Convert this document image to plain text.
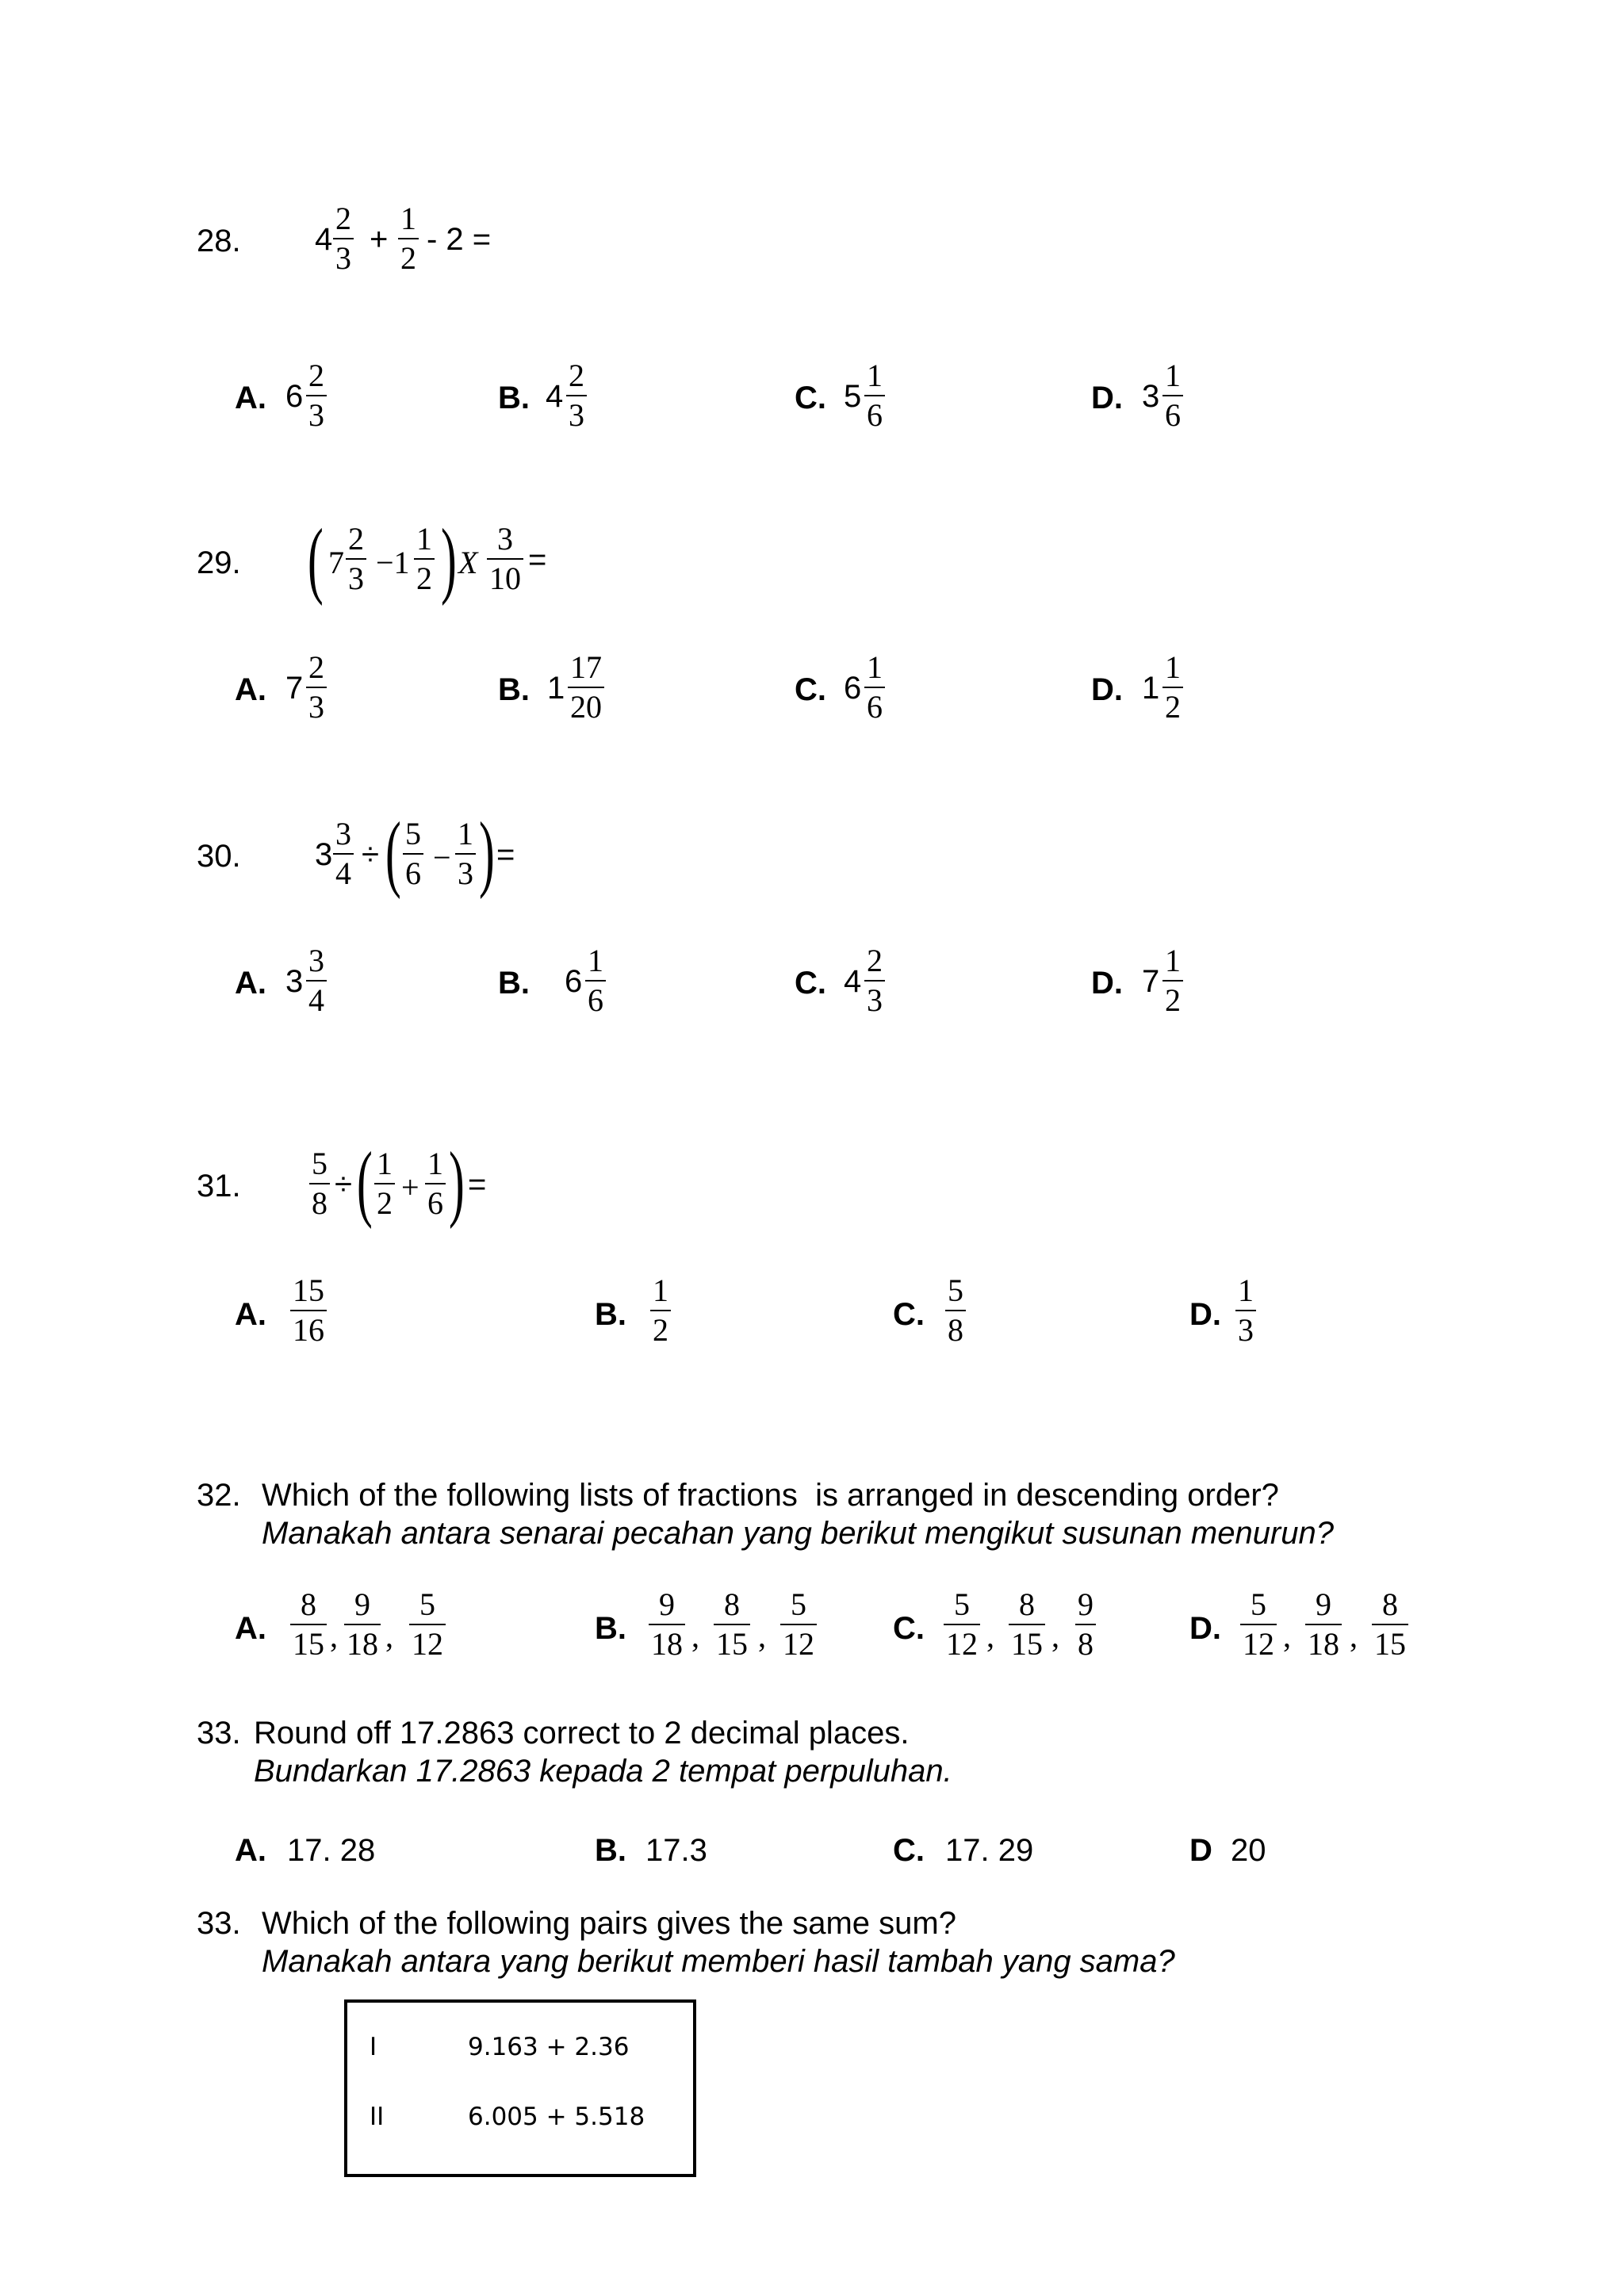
28. 4
2
3
+
1
2
- 2 =
A. 6
2
3	B. 4
2
3	C. 5
1
6	D. 3
1
6
29. ( 7
2
3 −1
1
2 ) X
3
10
=
A. 7
2
3	B. 1
17
20	C. 6
1
6	D. 1
1
2
30. 3
3
4
÷ ( 5
6 −
1
3 ) =
A. 3
3
4	B. 6
1
6	C. 4
2
3	D. 7
1
2
31.
5
8
÷ ( 1
2 +
1
6 ) =
A.
15
16	B.
1
2	C.
5
8	D.
1
3
32. Which of the following lists of fractions  is arranged in descending order?
Manakah antara senarai pecahan yang berikut mengikut susunan menurun?
A.
8
15 ,
9
18 ,
5
12	B.
9
18 ,
8
15 ,
5
12 C.
5
12 ,
8
15 ,
9
8	D.
5
12 ,
9
18 ,
8
15
33. Round off 17.2863 correct to 2 decimal places.
Bundarkan 17.2863 kepada 2 tempat perpuluhan.
A. 17. 28	B. 17.3	C. 17. 29	D 20
33. Which of the following pairs gives the same sum?
Manakah antara yang berikut memberi hasil tambah yang sama?
I	9.163 + 2.36
II	6.005 + 5.518
